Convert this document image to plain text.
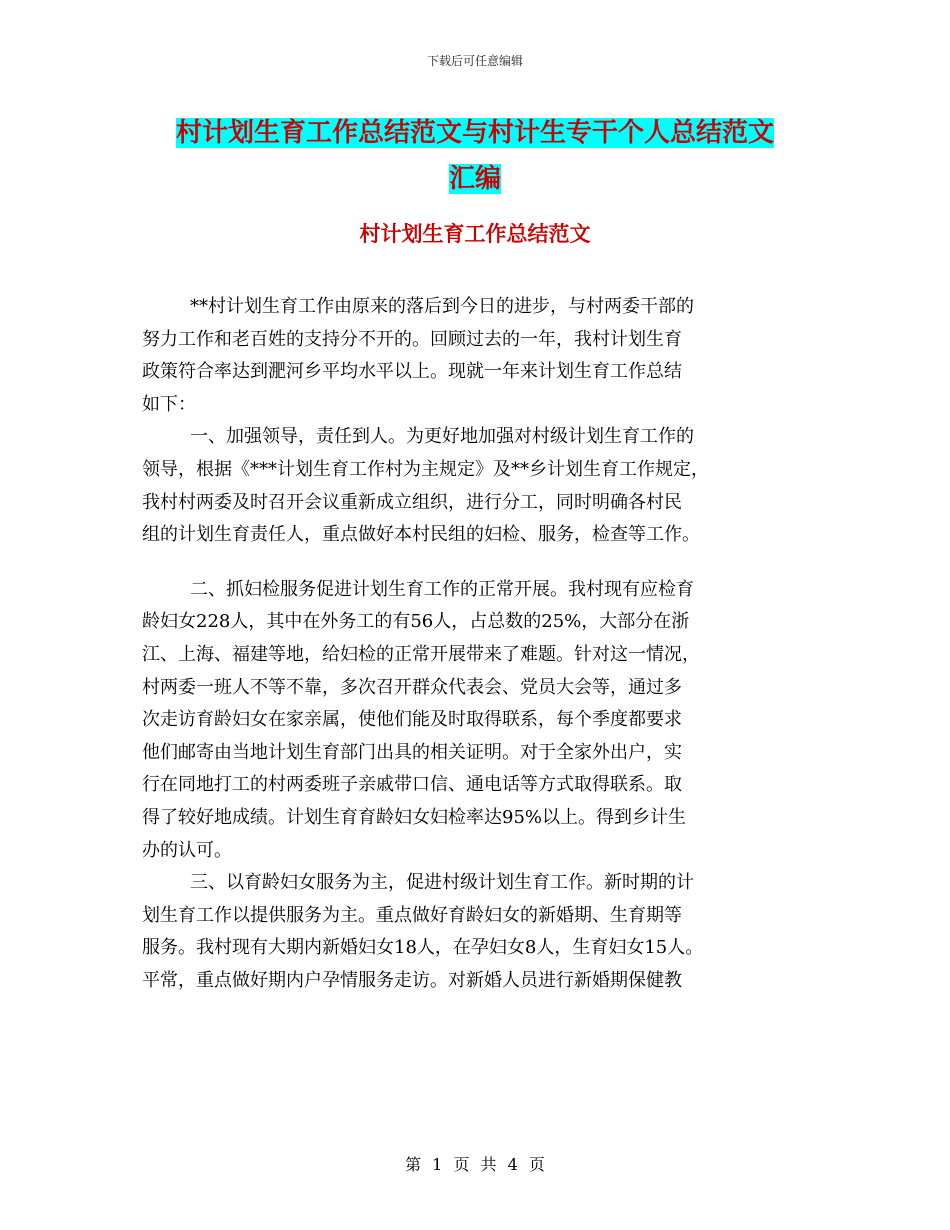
下载后可任意编辑
村计划生育工作总结范文与村计生专干个人总结范文
汇编
村计划生育工作总结范文
**村计划生育工作由原来的落后到今日的进步，与村两委干部的
努力工作和老百姓的支持分不开的。回顾过去的一年，我村计划生育
政策符合率达到淝河乡平均水平以上。现就一年来计划生育工作总结
如下：
一、加强领导，责任到人。为更好地加强对村级计划生育工作的
领导，根据《***计划生育工作村为主规定》及**乡计划生育工作规定，
我村村两委及时召开会议重新成立组织，进行分工，同时明确各村民
组的计划生育责任人，重点做好本村民组的妇检、服务，检查等工作。
二、抓妇检服务促进计划生育工作的正常开展。我村现有应检育
龄妇女228人，其中在外务工的有56人，占总数的25%，大部分在浙
江、上海、福建等地，给妇检的正常开展带来了难题。针对这一情况，
村两委一班人不等不靠，多次召开群众代表会、党员大会等，通过多
次走访育龄妇女在家亲属，使他们能及时取得联系，每个季度都要求
他们邮寄由当地计划生育部门出具的相关证明。对于全家外出户，实
行在同地打工的村两委班子亲戚带口信、通电话等方式取得联系。取
得了较好地成绩。计划生育育龄妇女妇检率达95%以上。得到乡计生
办的认可。
三、以育龄妇女服务为主，促进村级计划生育工作。新时期的计
划生育工作以提供服务为主。重点做好育龄妇女的新婚期、生育期等
服务。我村现有大期内新婚妇女18人，在孕妇女8人，生育妇女15人。
平常，重点做好期内户孕情服务走访。对新婚人员进行新婚期保健教
第 1 页 共 4 页
